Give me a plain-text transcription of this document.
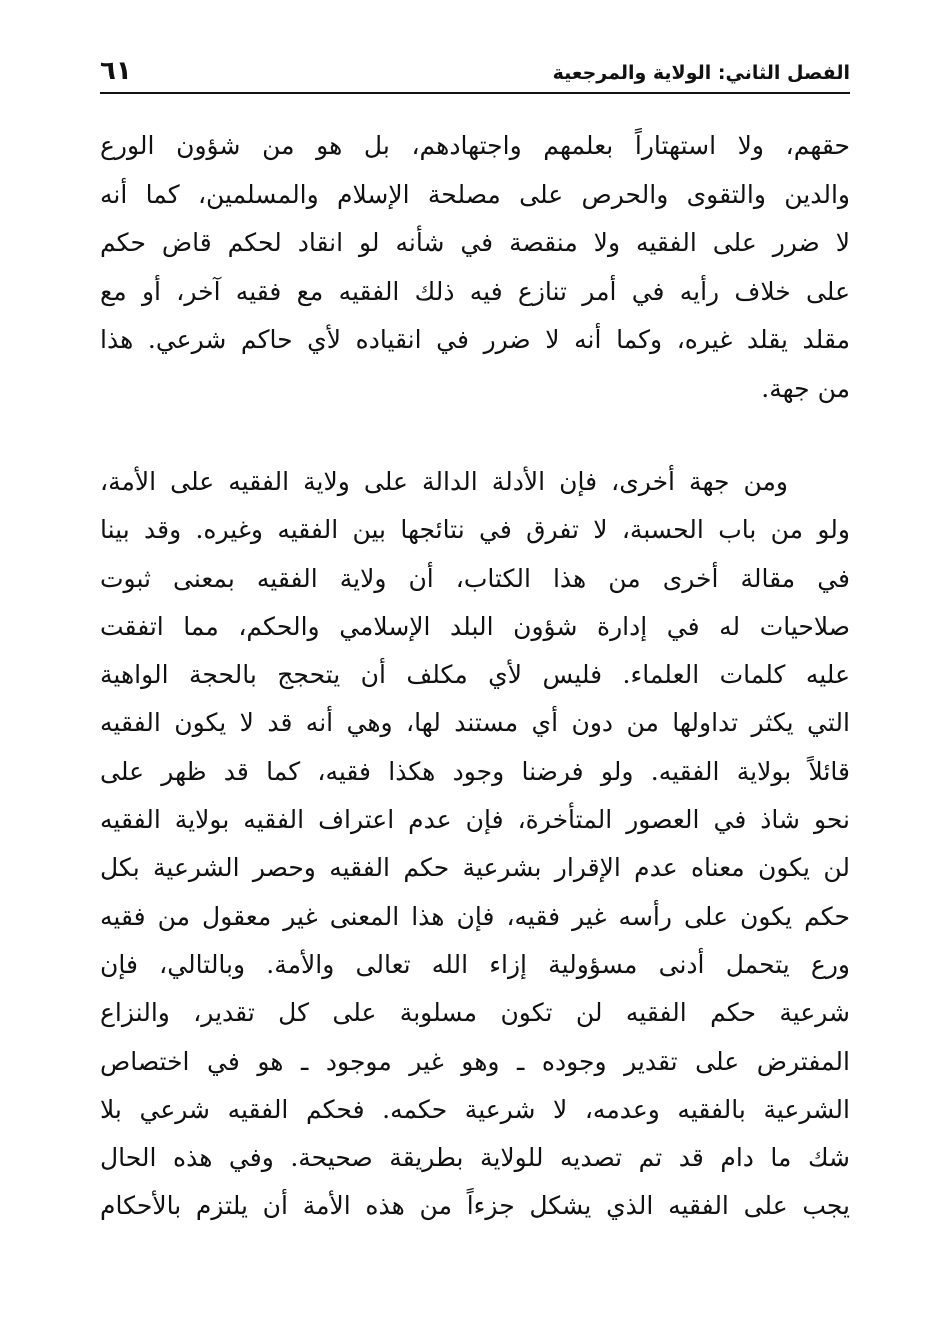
الفصل الثاني: الولاية والمرجعية
٦١
حقهم، ولا استهتاراً بعلمهم واجتهادهم، بل هو من شؤون الورع
والدين والتقوى والحرص على مصلحة الإسلام والمسلمين، كما أنه
لا ضرر على الفقيه ولا منقصة في شأنه لو انقاد لحكم قاض حكم
على خلاف رأيه في أمر تنازع فيه ذلك الفقيه مع فقيه آخر، أو مع
مقلد يقلد غيره، وكما أنه لا ضرر في انقياده لأي حاكم شرعي. هذا
من جهة.
ومن جهة أخرى، فإن الأدلة الدالة على ولاية الفقيه على الأمة،
ولو من باب الحسبة، لا تفرق في نتائجها بين الفقيه وغيره. وقد بينا
في مقالة أخرى من هذا الكتاب، أن ولاية الفقيه بمعنى ثبوت
صلاحيات له في إدارة شؤون البلد الإسلامي والحكم، مما اتفقت
عليه كلمات العلماء. فليس لأي مكلف أن يتحجج بالحجة الواهية
التي يكثر تداولها من دون أي مستند لها، وهي أنه قد لا يكون الفقيه
قائلاً بولاية الفقيه. ولو فرضنا وجود هكذا فقيه، كما قد ظهر على
نحو شاذ في العصور المتأخرة، فإن عدم اعتراف الفقيه بولاية الفقيه
لن يكون معناه عدم الإقرار بشرعية حكم الفقيه وحصر الشرعية بكل
حكم يكون على رأسه غير فقيه، فإن هذا المعنى غير معقول من فقيه
ورع يتحمل أدنى مسؤولية إزاء الله تعالى والأمة. وبالتالي، فإن
شرعية حكم الفقيه لن تكون مسلوبة على كل تقدير، والنزاع
المفترض على تقدير وجوده ـ وهو غير موجود ـ هو في اختصاص
الشرعية بالفقيه وعدمه، لا شرعية حكمه. فحكم الفقيه شرعي بلا
شك ما دام قد تم تصديه للولاية بطريقة صحيحة. وفي هذه الحال
يجب على الفقيه الذي يشكل جزءاً من هذه الأمة أن يلتزم بالأحكام
